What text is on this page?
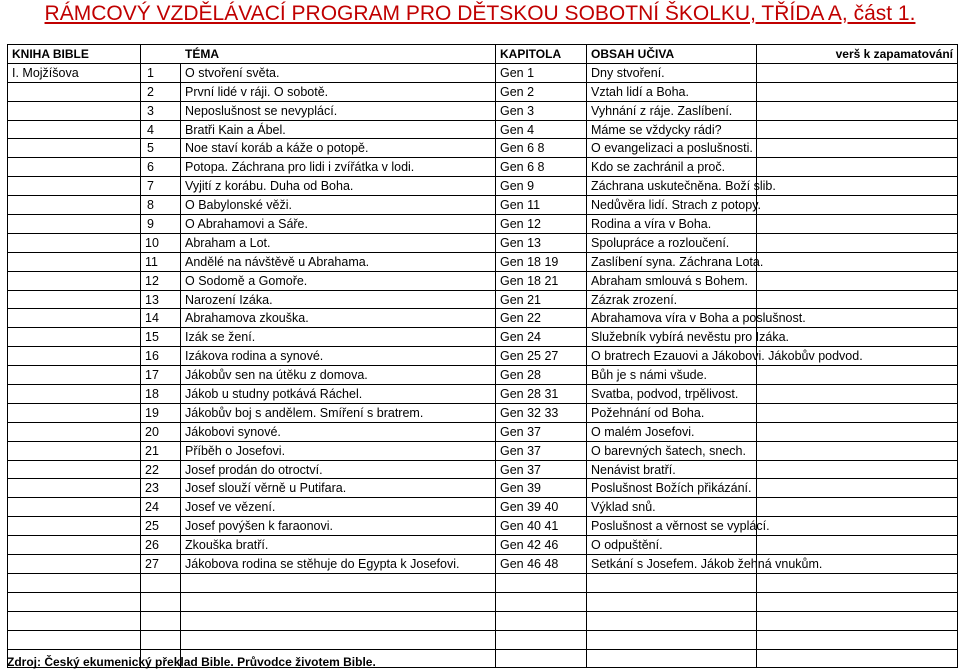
RÁMCOVÝ VZDĚLÁVACÍ PROGRAM PRO DĚTSKOU SOBOTNÍ ŠKOLKU, TŘÍDA A, část 1.
KNIHA BIBLE	TÉMA		KAPITOLA	OBSAH UČIVA	verš k zapamatování
I. Mojžíšova	1	O stvoření světa.	Gen 1	Dny stvoření.	
	2	První lidé v ráji. O sobotě.	Gen 2	Vztah lidí a Boha.	
	3	Neposlušnost se nevyplácí.	Gen 3	Vyhnání z ráje. Zaslíbení.	
	4	Bratři Kain a Ábel.	Gen 4	Máme se vždycky rádi?	
	5	Noe staví koráb a káže o potopě.	Gen 6 8	O evangelizaci a poslušnosti.	
	6	Potopa. Záchrana pro lidi i zvířátka v lodi.	Gen 6 8	Kdo se zachránil a proč.	
	7	Vyjití z korábu. Duha od Boha.	Gen 9	Záchrana uskutečněna. Boží slib.	
	8	O Babylonské věži.	Gen 11	Nedůvěra lidí. Strach z potopy.	
	9	O Abrahamovi a Sáře.	Gen 12	Rodina a víra v Boha.	
	10	Abraham a Lot.	Gen 13	Spolupráce a rozloučení.	
	11	Andělé na návštěvě u Abrahama.	Gen 18 19	Zaslíbení syna. Záchrana Lota.	
	12	O Sodomě a Gomoře.	Gen 18 21	Abraham smlouvá s Bohem.	
	13	Narození Izáka.	Gen 21	Zázrak zrození.	
	14	Abrahamova zkouška.	Gen 22	Abrahamova víra v Boha a poslušnost.	
	15	Izák se žení.	Gen 24	Služebník vybírá nevěstu pro Izáka.	
	16	Izákova rodina a synové.	Gen 25 27	O bratrech Ezauovi a Jákobovi. Jákobův podvod.	
	17	Jákobův sen na útěku z domova.	Gen 28	Bůh je s námi všude.	
	18	Jákob u studny potkává Ráchel.	Gen 28 31	Svatba, podvod, trpělivost.	
	19	Jákobův boj s andělem. Smíření s bratrem.	Gen 32 33	Požehnání od Boha.	
	20	Jákobovi synové.	Gen 37	O malém Josefovi.	
	21	Příběh o Josefovi.	Gen 37	O barevných šatech, snech.	
	22	Josef prodán do otroctví.	Gen 37	Nenávist bratří.	
	23	Josef slouží věrně u Putifara.	Gen 39	Poslušnost Božích přikázání.	
	24	Josef ve vězení.	Gen 39 40	Výklad snů.	
	25	Josef povýšen k faraonovi.	Gen 40 41	Poslušnost a věrnost se vyplácí.	
	26	Zkouška bratří.	Gen 42 46	O odpuštění.	
	27	Jákobova rodina se stěhuje do Egypta k Josefovi.	Gen 46 48	Setkání s Josefem. Jákob žehná vnukům.	

Zdroj: Český ekumenický překlad Bible. Průvodce životem Bible.
